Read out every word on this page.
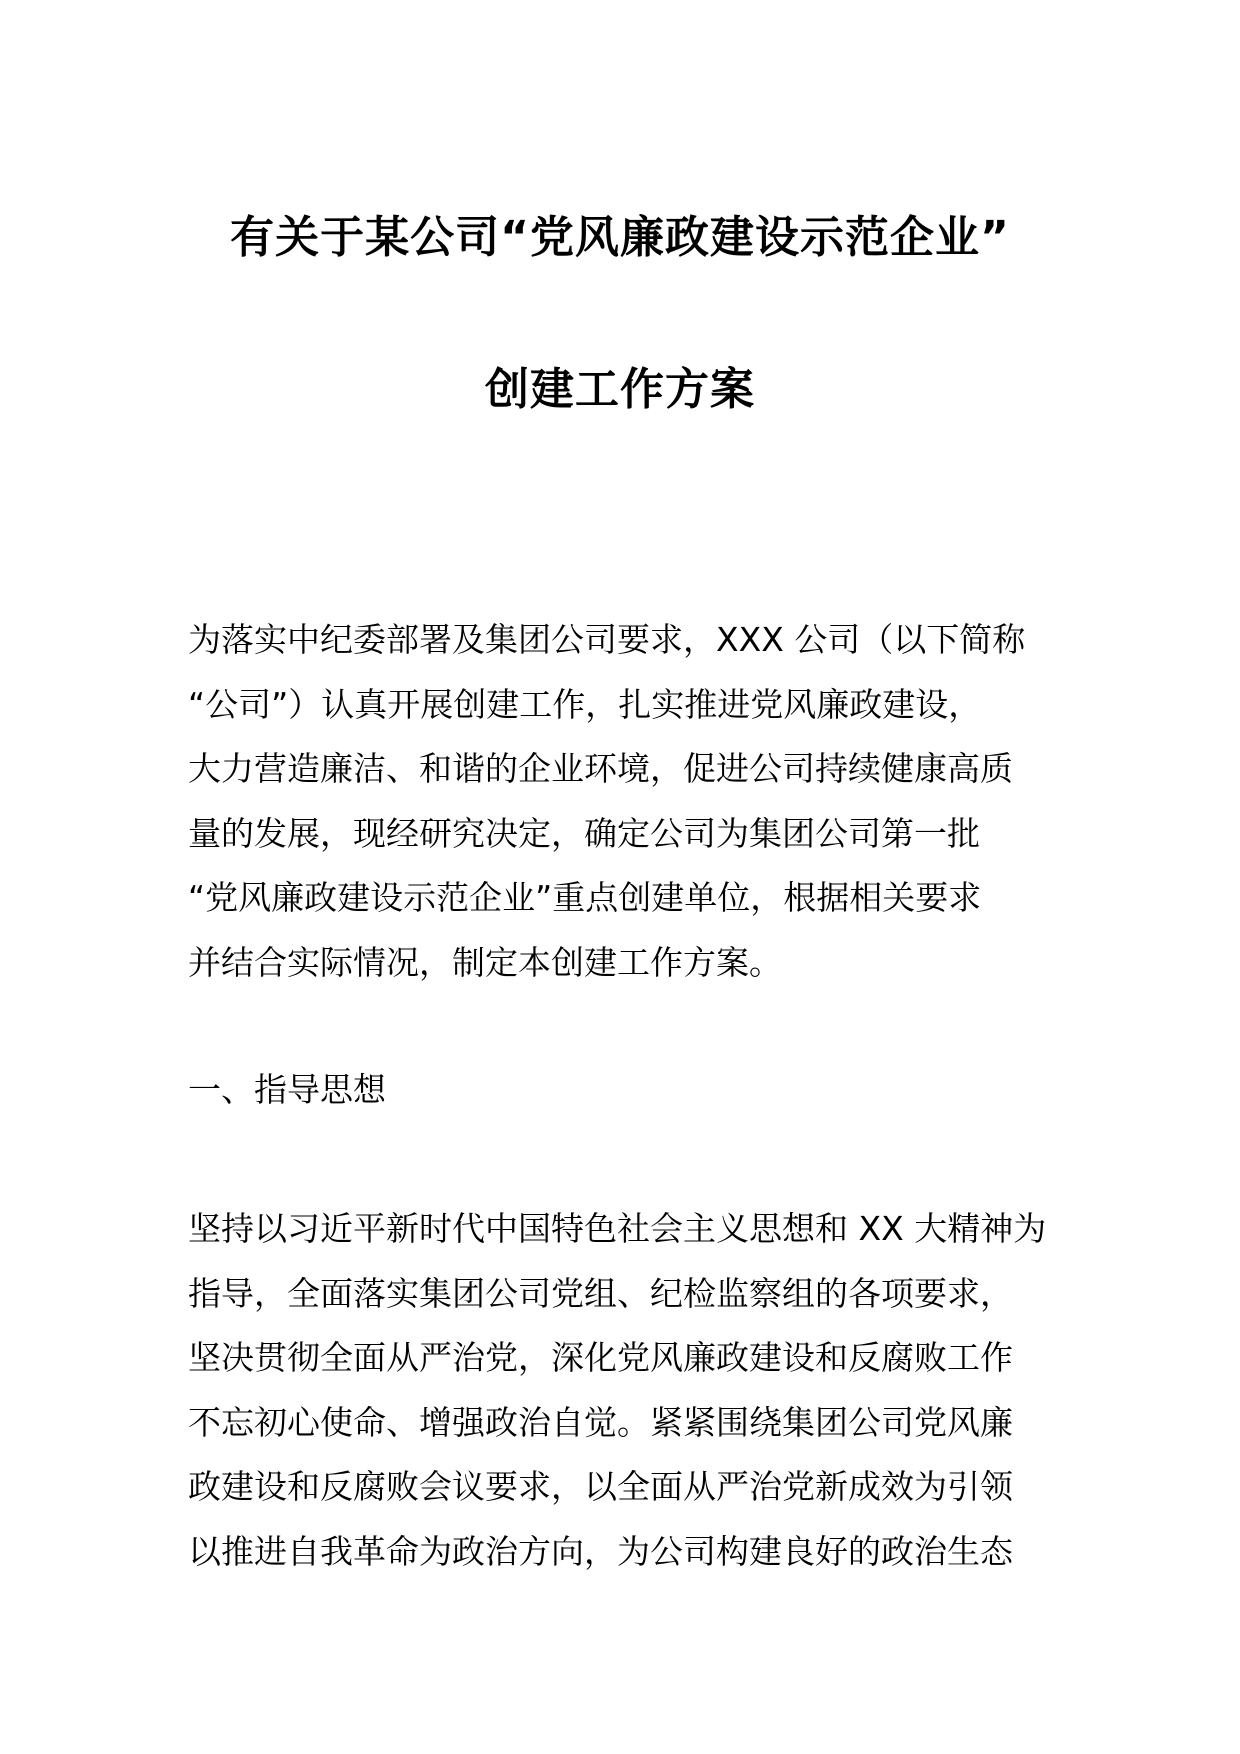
有关于某公司“党风廉政建设示范企业”
创建工作方案
为落实中纪委部署及集团公司要求，XXX 公司（以下简称
“公司”）认真开展创建工作，扎实推进党风廉政建设，
大力营造廉洁、和谐的企业环境，促进公司持续健康高质
量的发展，现经研究决定，确定公司为集团公司第一批
“党风廉政建设示范企业”重点创建单位，根据相关要求
并结合实际情况，制定本创建工作方案。
一、指导思想
坚持以习近平新时代中国特色社会主义思想和 XX 大精神为
指导，全面落实集团公司党组、纪检监察组的各项要求，
坚决贯彻全面从严治党，深化党风廉政建设和反腐败工作
不忘初心使命、增强政治自觉。紧紧围绕集团公司党风廉
政建设和反腐败会议要求，以全面从严治党新成效为引领
以推进自我革命为政治方向，为公司构建良好的政治生态
